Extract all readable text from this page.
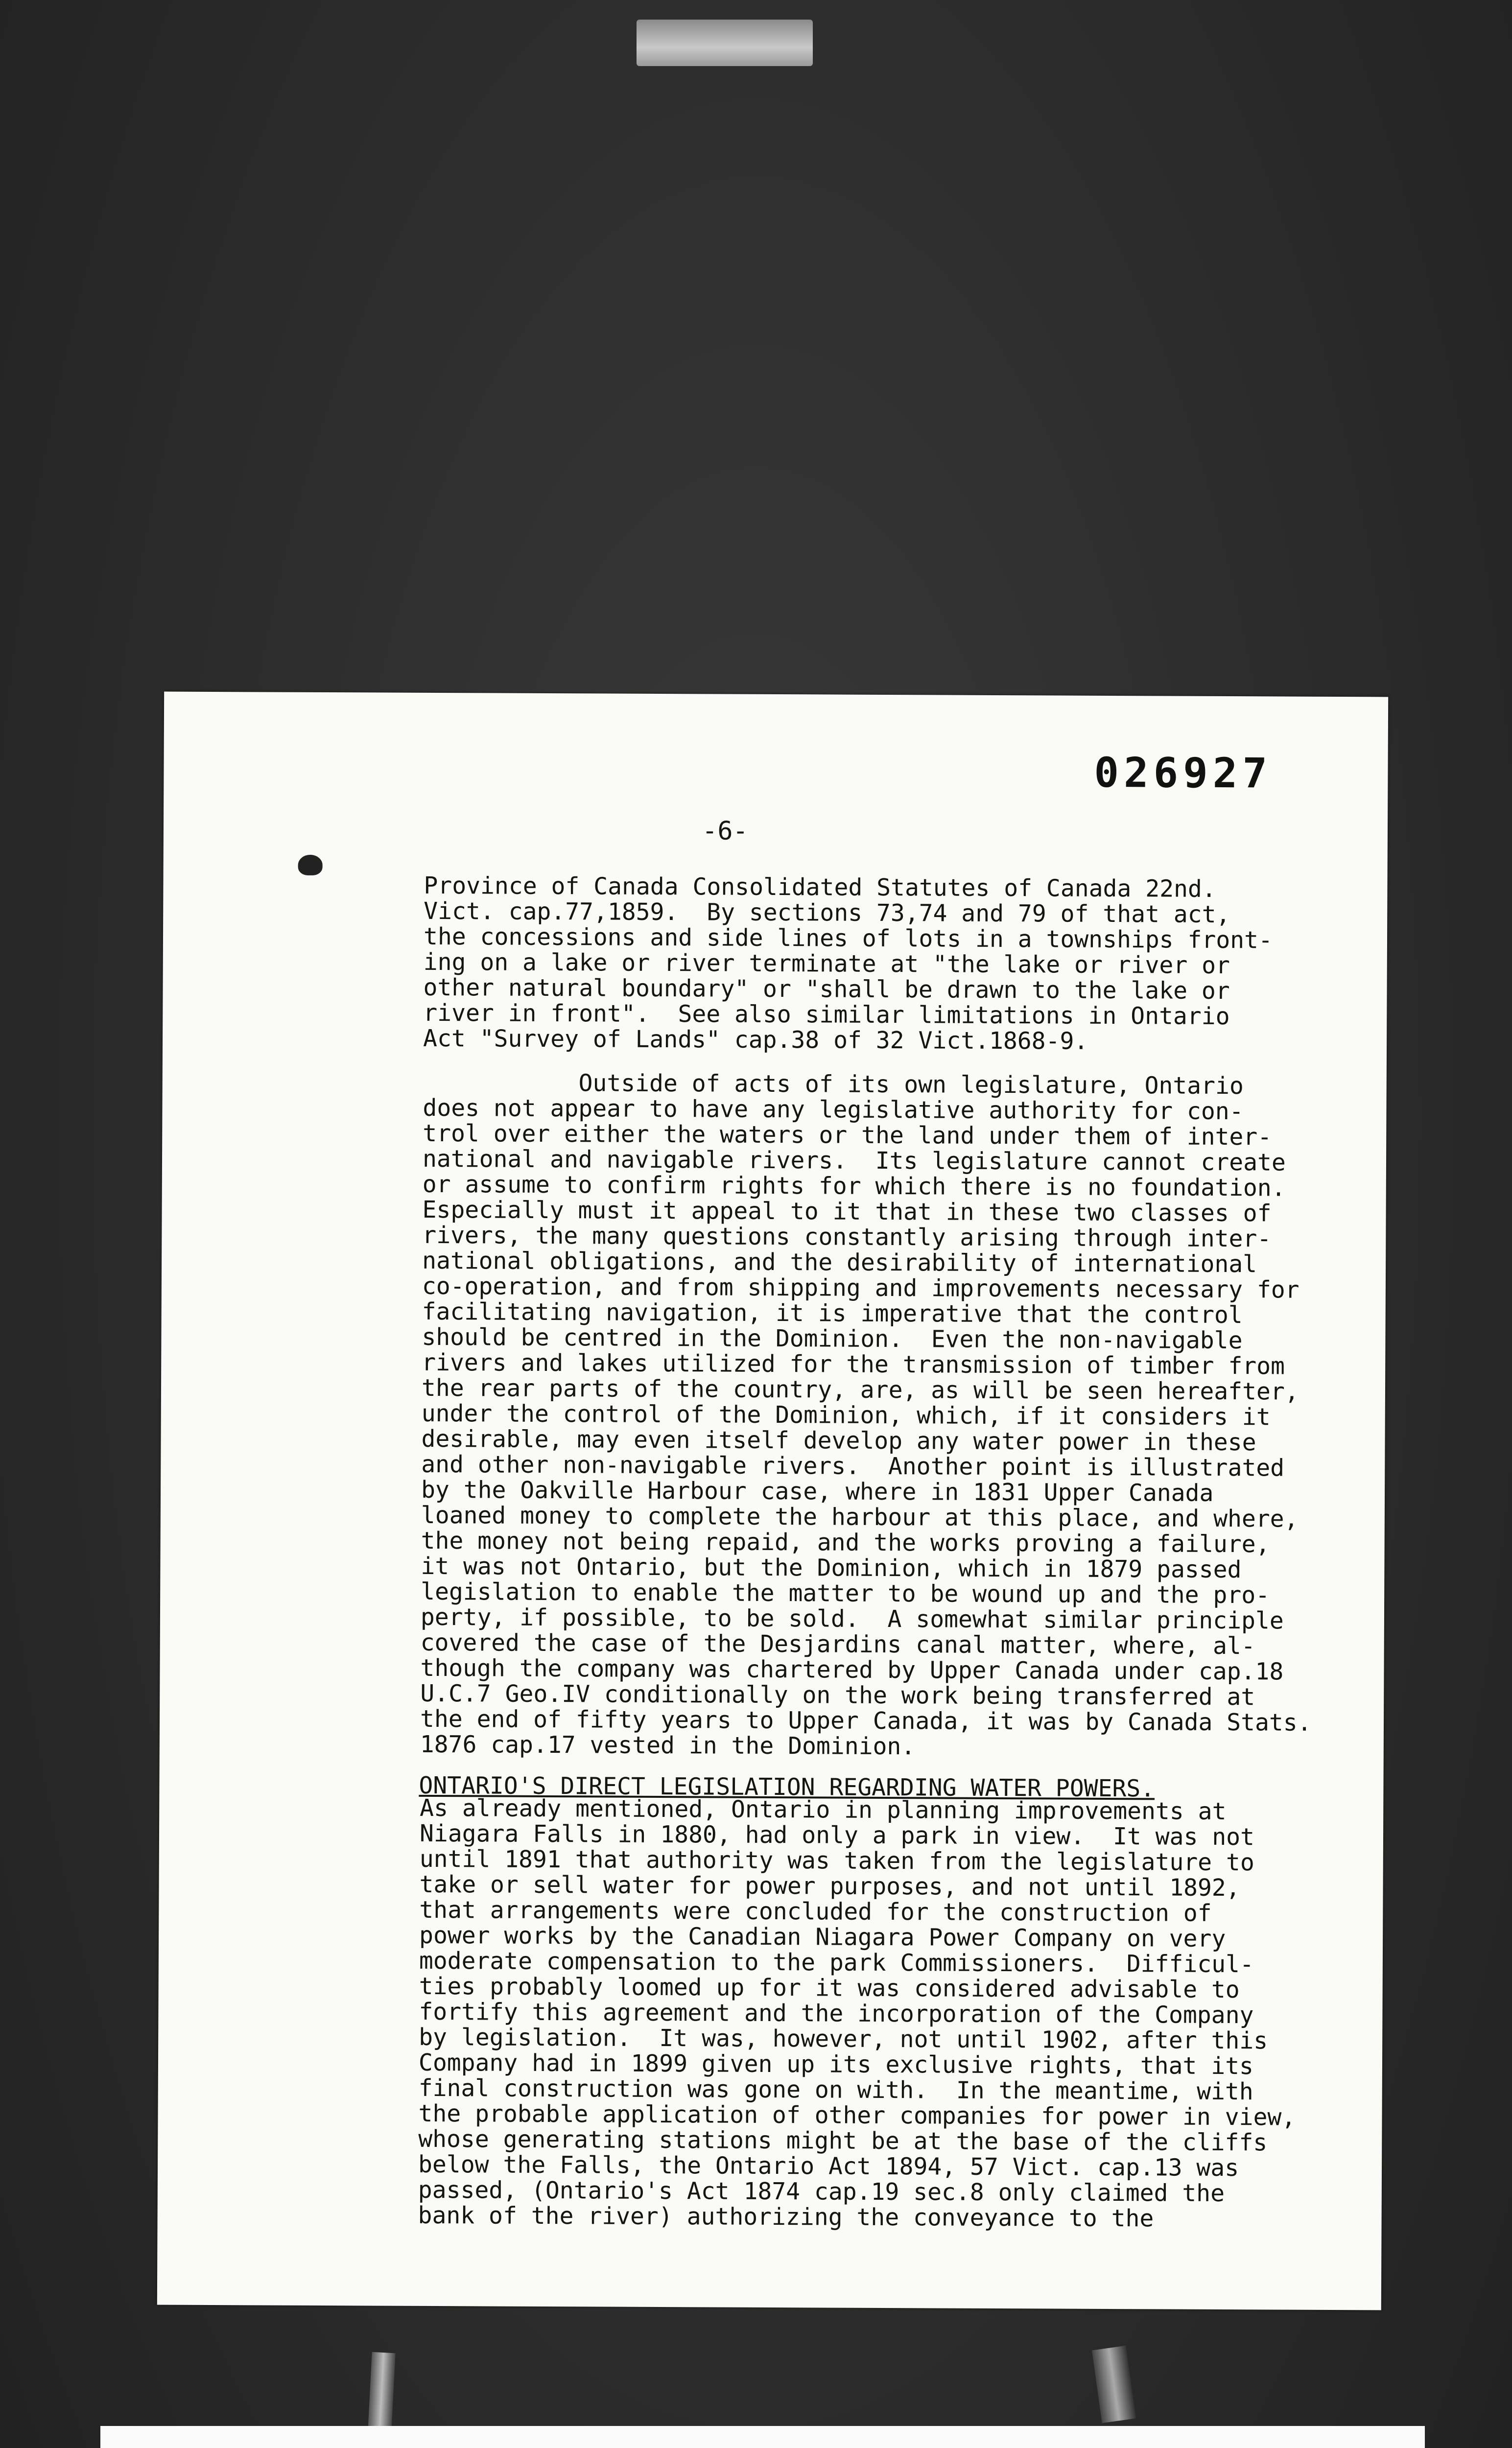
026927
-6-
Province of Canada Consolidated Statutes of Canada 22nd.
Vict. cap.77,1859.  By sections 73,74 and 79 of that act,
the concessions and side lines of lots in a townships front-
ing on a lake or river terminate at "the lake or river or
other natural boundary" or "shall be drawn to the lake or
river in front".  See also similar limitations in Ontario
Act "Survey of Lands" cap.38 of 32 Vict.1868-9.
Outside of acts of its own legislature, Ontario
does not appear to have any legislative authority for con-
trol over either the waters or the land under them of inter-
national and navigable rivers.  Its legislature cannot create
or assume to confirm rights for which there is no foundation.
Especially must it appeal to it that in these two classes of
rivers, the many questions constantly arising through inter-
national obligations, and the desirability of international
co-operation, and from shipping and improvements necessary for
facilitating navigation, it is imperative that the control
should be centred in the Dominion.  Even the non-navigable
rivers and lakes utilized for the transmission of timber from
the rear parts of the country, are, as will be seen hereafter,
under the control of the Dominion, which, if it considers it
desirable, may even itself develop any water power in these
and other non-navigable rivers.  Another point is illustrated
by the Oakville Harbour case, where in 1831 Upper Canada
loaned money to complete the harbour at this place, and where,
the money not being repaid, and the works proving a failure,
it was not Ontario, but the Dominion, which in 1879 passed
legislation to enable the matter to be wound up and the pro-
perty, if possible, to be sold.  A somewhat similar principle
covered the case of the Desjardins canal matter, where, al-
though the company was chartered by Upper Canada under cap.18
U.C.7 Geo.IV conditionally on the work being transferred at
the end of fifty years to Upper Canada, it was by Canada Stats.
1876 cap.17 vested in the Dominion.
ONTARIO'S DIRECT LEGISLATION REGARDING WATER POWERS.
As already mentioned, Ontario in planning improvements at
Niagara Falls in 1880, had only a park in view.  It was not
until 1891 that authority was taken from the legislature to
take or sell water for power purposes, and not until 1892,
that arrangements were concluded for the construction of
power works by the Canadian Niagara Power Company on very
moderate compensation to the park Commissioners.  Difficul-
ties probably loomed up for it was considered advisable to
fortify this agreement and the incorporation of the Company
by legislation.  It was, however, not until 1902, after this
Company had in 1899 given up its exclusive rights, that its
final construction was gone on with.  In the meantime, with
the probable application of other companies for power in view,
whose generating stations might be at the base of the cliffs
below the Falls, the Ontario Act 1894, 57 Vict. cap.13 was
passed, (Ontario's Act 1874 cap.19 sec.8 only claimed the
bank of the river) authorizing the conveyance to the
